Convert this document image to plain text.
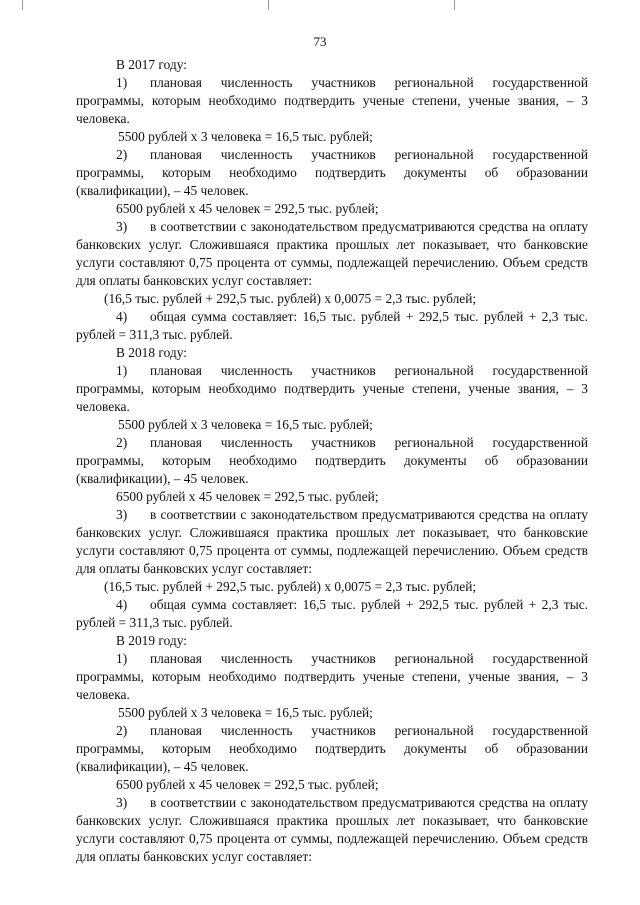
73

В 2017 году:

1) плановая численность участников региональной государственной программы, которым необходимо подтвердить ученые степени, ученые звания, – 3 человека.

5500 рублей х 3 человека = 16,5 тыс. рублей;

2) плановая численность участников региональной государственной программы, которым необходимо подтвердить документы об образовании (квалификации), – 45 человек.

6500 рублей х 45 человек = 292,5 тыс. рублей;

3) в соответствии с законодательством предусматриваются средства на оплату банковских услуг. Сложившаяся практика прошлых лет показывает, что банковские услуги составляют 0,75 процента от суммы, подлежащей перечислению. Объем средств для оплаты банковских услуг составляет:

(16,5 тыс. рублей + 292,5 тыс. рублей) х 0,0075 = 2,3 тыс. рублей;

4) общая сумма составляет: 16,5 тыс. рублей + 292,5 тыс. рублей + 2,3 тыс. рублей = 311,3 тыс. рублей.

В 2018 году:

1) плановая численность участников региональной государственной программы, которым необходимо подтвердить ученые степени, ученые звания, – 3 человека.

5500 рублей х 3 человека = 16,5 тыс. рублей;

2) плановая численность участников региональной государственной программы, которым необходимо подтвердить документы об образовании (квалификации), – 45 человек.

6500 рублей х 45 человек = 292,5 тыс. рублей;

3) в соответствии с законодательством предусматриваются средства на оплату банковских услуг. Сложившаяся практика прошлых лет показывает, что банковские услуги составляют 0,75 процента от суммы, подлежащей перечислению. Объем средств для оплаты банковских услуг составляет:

(16,5 тыс. рублей + 292,5 тыс. рублей) х 0,0075 = 2,3 тыс. рублей;

4) общая сумма составляет: 16,5 тыс. рублей + 292,5 тыс. рублей + 2,3 тыс. рублей = 311,3 тыс. рублей.

В 2019 году:

1) плановая численность участников региональной государственной программы, которым необходимо подтвердить ученые степени, ученые звания, – 3 человека.

5500 рублей х 3 человека = 16,5 тыс. рублей;

2) плановая численность участников региональной государственной программы, которым необходимо подтвердить документы об образовании (квалификации), – 45 человек.

6500 рублей х 45 человек = 292,5 тыс. рублей;

3) в соответствии с законодательством предусматриваются средства на оплату банковских услуг. Сложившаяся практика прошлых лет показывает, что банковские услуги составляют 0,75 процента от суммы, подлежащей перечислению. Объем средств для оплаты банковских услуг составляет:
